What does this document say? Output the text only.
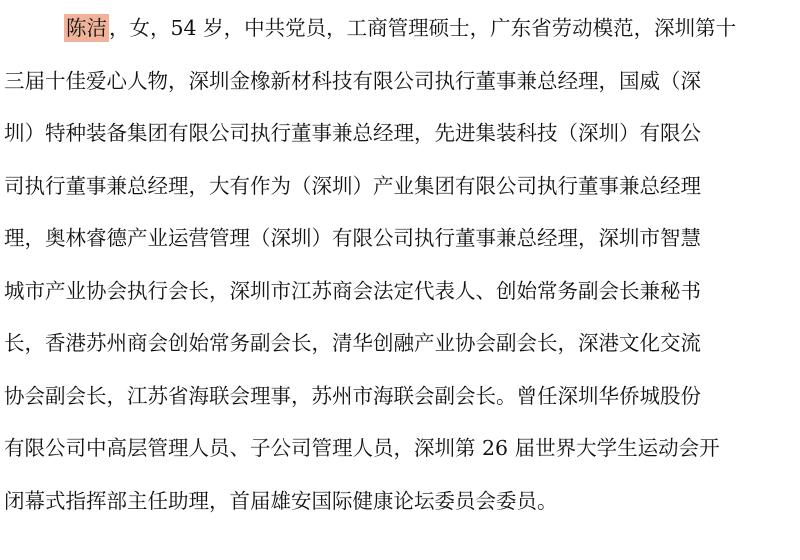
陈洁，女，54 岁，中共党员，工商管理硕士，广东省劳动模范，深圳第十
三届十佳爱心人物，深圳金橡新材科技有限公司执行董事兼总经理，国威（深
圳）特种装备集团有限公司执行董事兼总经理，先进集装科技（深圳）有限公
司执行董事兼总经理，大有作为（深圳）产业集团有限公司执行董事兼总经理
理，奥林睿德产业运营管理（深圳）有限公司执行董事兼总经理，深圳市智慧
城市产业协会执行会长，深圳市江苏商会法定代表人、创始常务副会长兼秘书
长，香港苏州商会创始常务副会长，清华创融产业协会副会长，深港文化交流
协会副会长，江苏省海联会理事，苏州市海联会副会长。曾任深圳华侨城股份
有限公司中高层管理人员、子公司管理人员，深圳第 26 届世界大学生运动会开
闭幕式指挥部主任助理，首届雄安国际健康论坛委员会委员。
